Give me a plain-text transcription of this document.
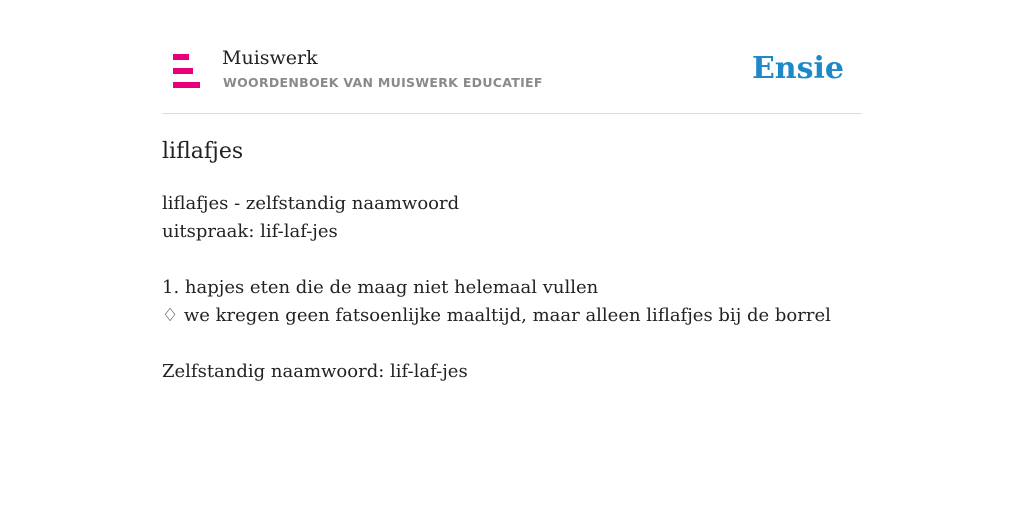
Muiswerk
WOORDENBOEK VAN MUISWERK EDUCATIEF	Ensie
liflafjes
liflafjes - zelfstandig naamwoord
uitspraak: lif-laf-jes
1. hapjes eten die de maag niet helemaal vullen
♢ we kregen geen fatsoenlijke maaltijd, maar alleen liflafjes bij de borrel
Zelfstandig naamwoord: lif-laf-jes
